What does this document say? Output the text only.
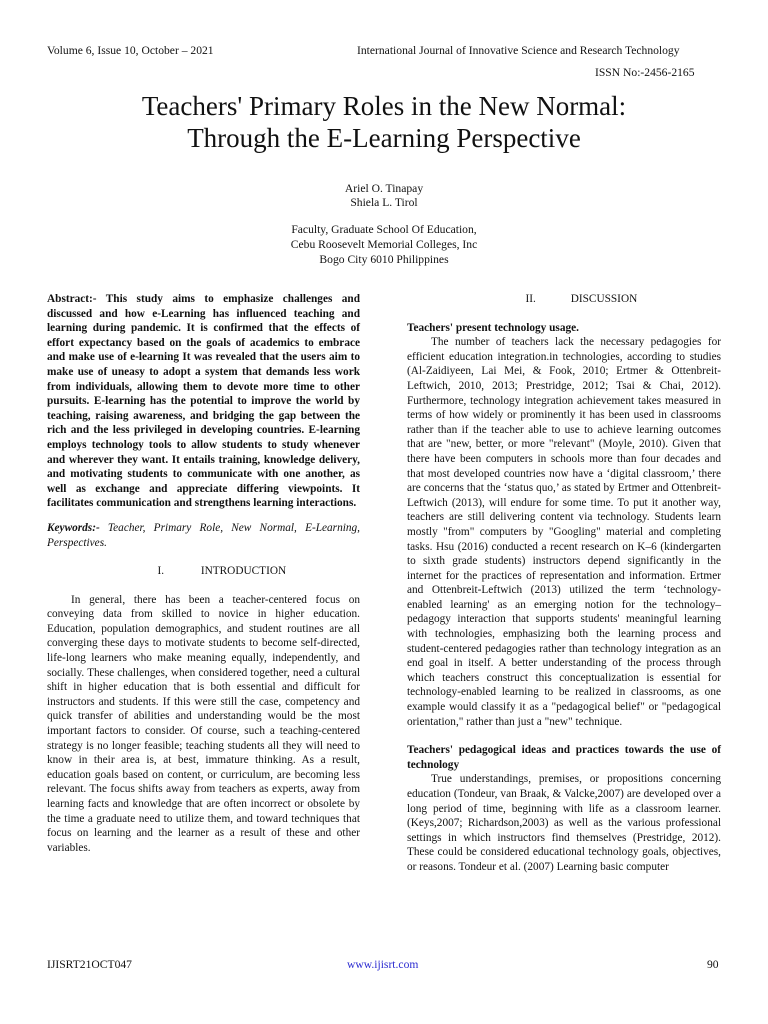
Volume 6, Issue 10, October – 2021	International Journal of Innovative Science and Research Technology
ISSN No:-2456-2165
Teachers' Primary Roles in the New Normal:
Through the E-Learning Perspective
Ariel O. Tinapay
Shiela L. Tirol
Faculty, Graduate School Of Education,
Cebu Roosevelt Memorial Colleges, Inc
Bogo City 6010 Philippines

Abstract:- This study aims to emphasize challenges and discussed and how e-Learning has influenced teaching and learning during pandemic. It is confirmed that the effects of effort expectancy based on the goals of academics to embrace and make use of e-learning It was revealed that the users aim to make use of uneasy to adopt a system that demands less work from individuals, allowing them to devote more time to other pursuits. E-learning has the potential to improve the world by teaching, raising awareness, and bridging the gap between the rich and the less privileged in developing countries. E-learning employs technology tools to allow students to study whenever and wherever they want. It entails training, knowledge delivery, and motivating students to communicate with one another, as well as exchange and appreciate differing viewpoints. It facilitates communication and strengthens learning interactions.

Keywords:- Teacher, Primary Role, New Normal, E-Learning, Perspectives.

I.	INTRODUCTION

In general, there has been a teacher-centered focus on conveying data from skilled to novice in higher education. Education, population demographics, and student routines are all converging these days to motivate students to become self-directed, life-long learners who make meaning equally, independently, and socially. These challenges, when considered together, need a cultural shift in higher education that is both essential and difficult for instructors and students. If this were still the case, competency and quick transfer of abilities and understanding would be the most important factors to consider. Of course, such a teaching-centered strategy is no longer feasible; teaching students all they will need to know in their area is, at best, immature thinking. As a result, education goals based on content, or curriculum, are becoming less relevant. The focus shifts away from teachers as experts, away from learning facts and knowledge that are often incorrect or obsolete by the time a graduate need to utilize them, and toward techniques that focus on learning and the learner as a result of these and other variables.

II.	DISCUSSION

Teachers' present technology usage.

The number of teachers lack the necessary pedagogies for efficient education integration.in technologies, according to studies (Al-Zaidiyeen, Lai Mei, & Fook, 2010; Ertmer & Ottenbreit-Leftwich, 2010, 2013; Prestridge, 2012; Tsai & Chai, 2012). Furthermore, technology integration achievement takes measured in terms of how widely or prominently it has been used in classrooms rather than if the teacher able to use to achieve learning outcomes that are "new, better, or more "relevant" (Moyle, 2010). Given that there have been computers in schools more than four decades and that most developed countries now have a ‘digital classroom,’ there are concerns that the ‘status quo,’ as stated by Ertmer and Ottenbreit-Leftwich (2013), will endure for some time. To put it another way, teachers are still delivering content via technology. Students learn mostly "from" computers by "Googling" material and completing tasks. Hsu (2016) conducted a recent research on K–6 (kindergarten to sixth grade students) instructors depend significantly in the internet for the practices of representation and information. Ertmer and Ottenbreit-Leftwich (2013) utilized the term ‘technology-enabled learning' as an emerging notion for the technology–pedagogy interaction that supports students' meaningful learning with technologies, emphasizing both the learning process and student-centered pedagogies rather than technology integration as an end goal in itself. A better understanding of the process through which teachers construct this conceptualization is essential for technology-enabled learning to be realized in classrooms, as one example would classify it as a "pedagogical belief" or "pedagogical orientation," rather than just a "new" technique.

Teachers' pedagogical ideas and practices towards the use of technology

True understandings, premises, or propositions concerning education (Tondeur, van Braak, & Valcke,2007) are developed over a long period of time, beginning with life as a classroom learner. (Keys,2007; Richardson,2003) as well as the various professional settings in which instructors find themselves (Prestridge, 2012). These could be considered educational technology goals, objectives, or reasons. Tondeur et al. (2007) Learning basic computer

IJISRT21OCT047	www.ijisrt.com	90
